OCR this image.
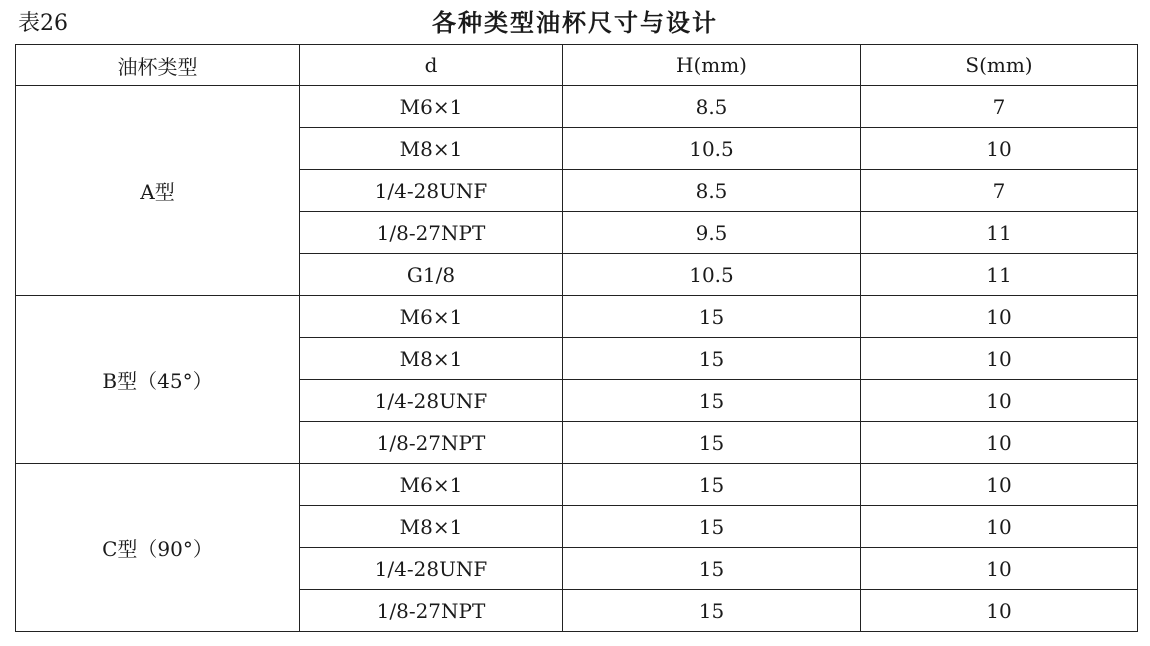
表26	各种类型油杯尺寸与设计
油杯类型	d	H(mm)	S(mm)
A型	M6×1	8.5	7
	M8×1	10.5	10
	1/4-28UNF	8.5	7
	1/8-27NPT	9.5	11
	G1/8	10.5	11
B型（45°）	M6×1	15	10
	M8×1	15	10
	1/4-28UNF	15	10
	1/8-27NPT	15	10
C型（90°）	M6×1	15	10
	M8×1	15	10
	1/4-28UNF	15	10
	1/8-27NPT	15	10
